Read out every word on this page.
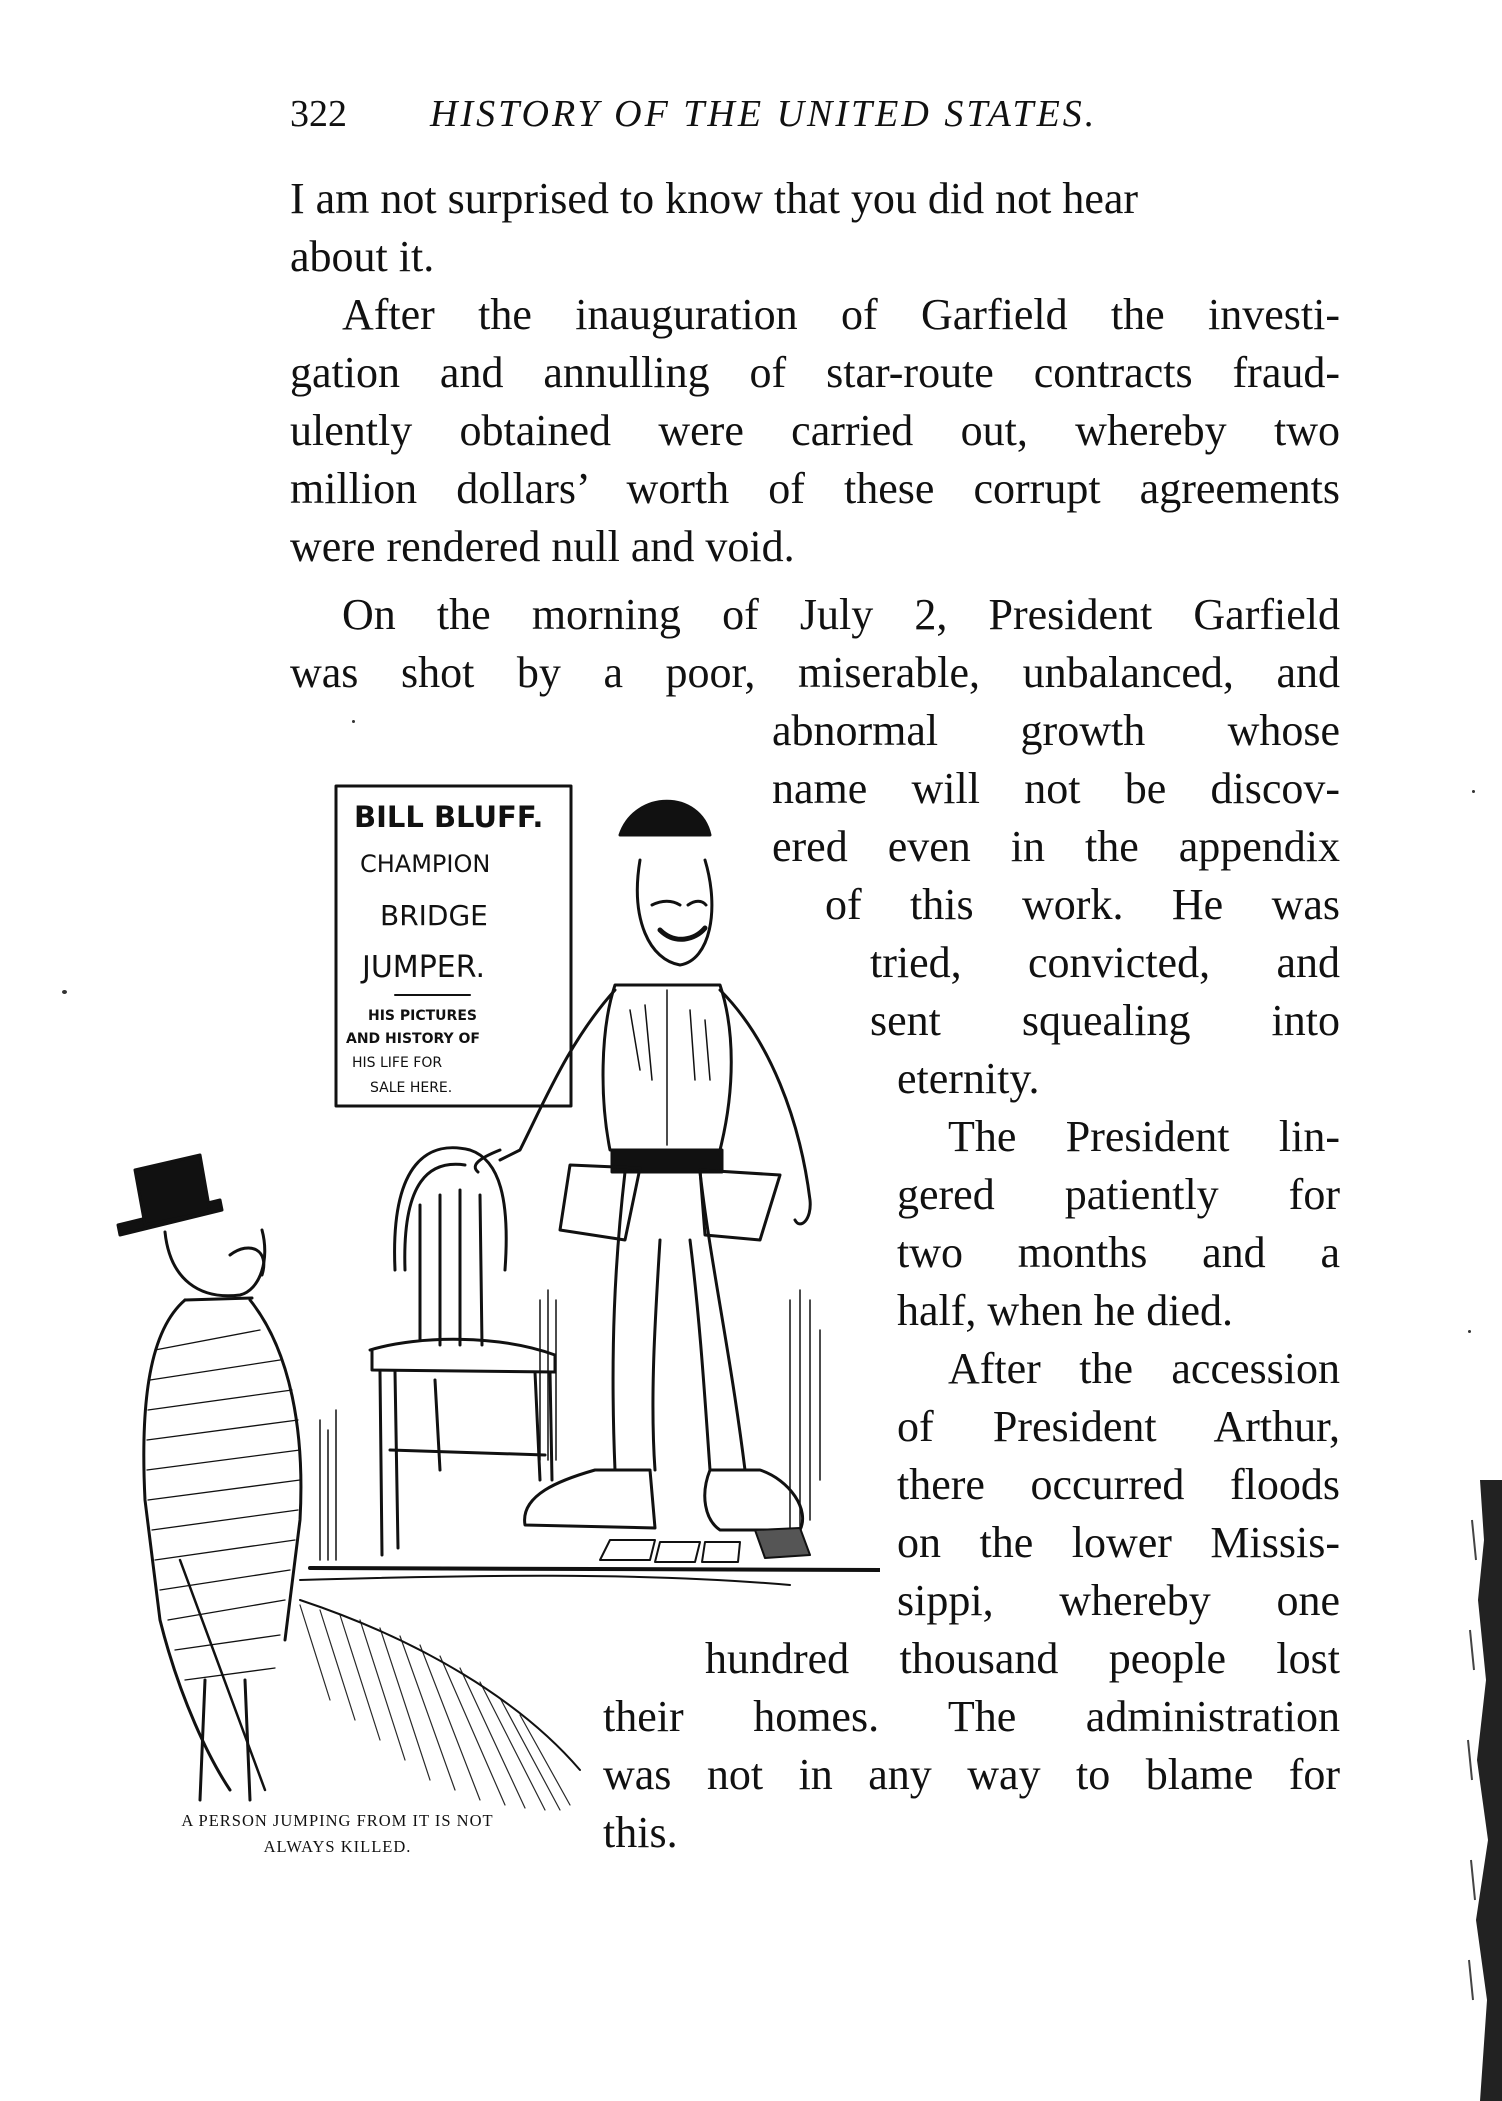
322 HISTORY OF THE UNITED STATES.
I am not surprised to know that you did not hear
about it.
After the inauguration of Garfield the investi-
gation and annulling of star-route contracts fraud-
ulently obtained were carried out, whereby two
million dollars’ worth of these corrupt agreements
were rendered null and void.
On the morning of July 2, President Garfield
was shot by a poor, miserable, unbalanced, and
abnormal growth whose
name will not be discov-
ered even in the appendix
of this work. He was
tried, convicted, and
sent squealing into
eternity.
The President lin-
gered patiently for
two months and a
half, when he died.
After the accession
of President Arthur,
there occurred floods
on the lower Missis-
sippi, whereby one
hundred thousand people lost
their homes. The administration
was not in any way to blame for
this.
BILL BLUFF.
CHAMPION
BRIDGE
JUMPER.
HIS PICTURES
AND HISTORY OF
HIS LIFE FOR
SALE HERE.
A PERSON JUMPING FROM IT IS NOT
ALWAYS KILLED.
